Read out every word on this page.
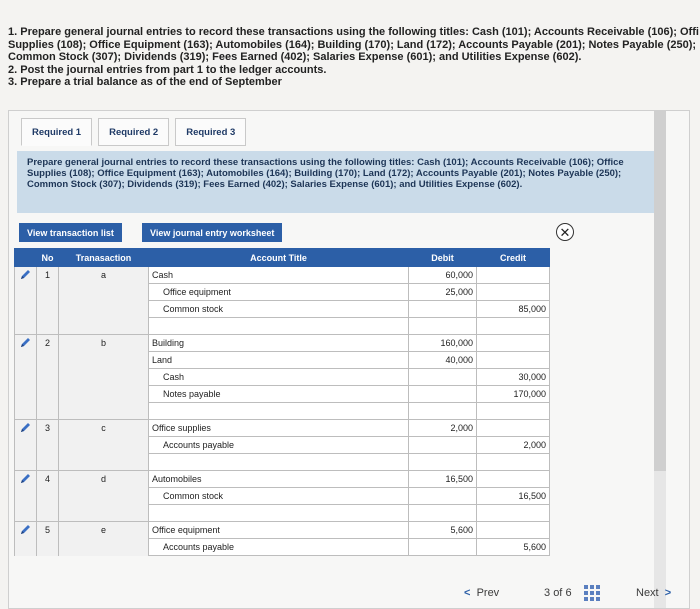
1. Prepare general journal entries to record these transactions using the following titles: Cash (101); Accounts Receivable (106); Offi

Supplies (108); Office Equipment (163); Automobiles (164); Building (170); Land (172); Accounts Payable (201); Notes Payable (250);

Common Stock (307); Dividends (319); Fees Earned (402); Salaries Expense (601); and Utilities Expense (602).

2. Post the journal entries from part 1 to the ledger accounts.

3. Prepare a trial balance as of the end of September

Required 1	Required 2	Required 3
Prepare general journal entries to record these transactions using the following titles: Cash (101); Accounts Receivable (106); Office Supplies (108); Office Equipment (163); Automobiles (164); Building (170); Land (172); Accounts Payable (201); Notes Payable (250); Common Stock (307); Dividends (319); Fees Earned (402); Salaries Expense (601); and Utilities Expense (602).
View transaction list	View journal entry worksheet	✕
	No	Tranasaction	Account Title	Debit	Credit
	1	a	Cash	60,000	
			Office equipment	25,000	
			Common stock		85,000

	2	b	Building	160,000	
			Land	40,000	
			Cash		30,000
			Notes payable		170,000

	3	c	Office supplies	2,000	
			Accounts payable		2,000

	4	d	Automobiles	16,500	
			Common stock		16,500

	5	e	Office equipment	5,600	
			Accounts payable		5,600
< Prev	3 of 6	Next >
